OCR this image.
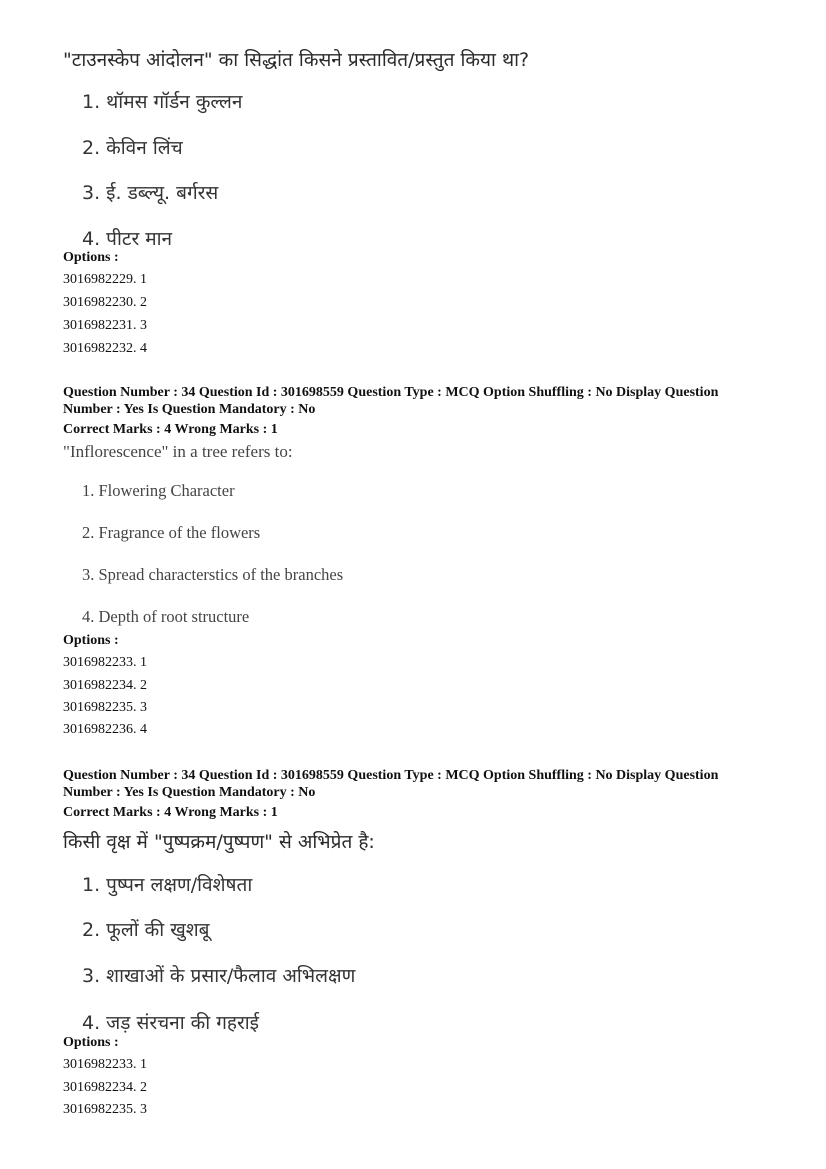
"टाउनस्केप आंदोलन" का सिद्धांत किसने प्रस्तावित/प्रस्तुत किया था?
1. थॉमस गॉर्डन कुल्लन
2. केविन लिंच
3. ई. डब्ल्यू. बर्गरस
4. पीटर मान
Options :
3016982229. 1
3016982230. 2
3016982231. 3
3016982232. 4
Question Number : 34 Question Id : 301698559 Question Type : MCQ Option Shuffling : No Display Question
Number : Yes Is Question Mandatory : No
Correct Marks : 4 Wrong Marks : 1
"Inflorescence" in a tree refers to:
1. Flowering Character
2. Fragrance of the flowers
3. Spread characterstics of the branches
4. Depth of root structure
Options :
3016982233. 1
3016982234. 2
3016982235. 3
3016982236. 4
Question Number : 34 Question Id : 301698559 Question Type : MCQ Option Shuffling : No Display Question
Number : Yes Is Question Mandatory : No
Correct Marks : 4 Wrong Marks : 1
किसी वृक्ष में "पुष्पक्रम/पुष्पण" से अभिप्रेत है:
1. पुष्पन लक्षण/विशेषता
2. फूलों की खुशबू
3. शाखाओं के प्रसार/फैलाव अभिलक्षण
4. जड़ संरचना की गहराई
Options :
3016982233. 1
3016982234. 2
3016982235. 3
